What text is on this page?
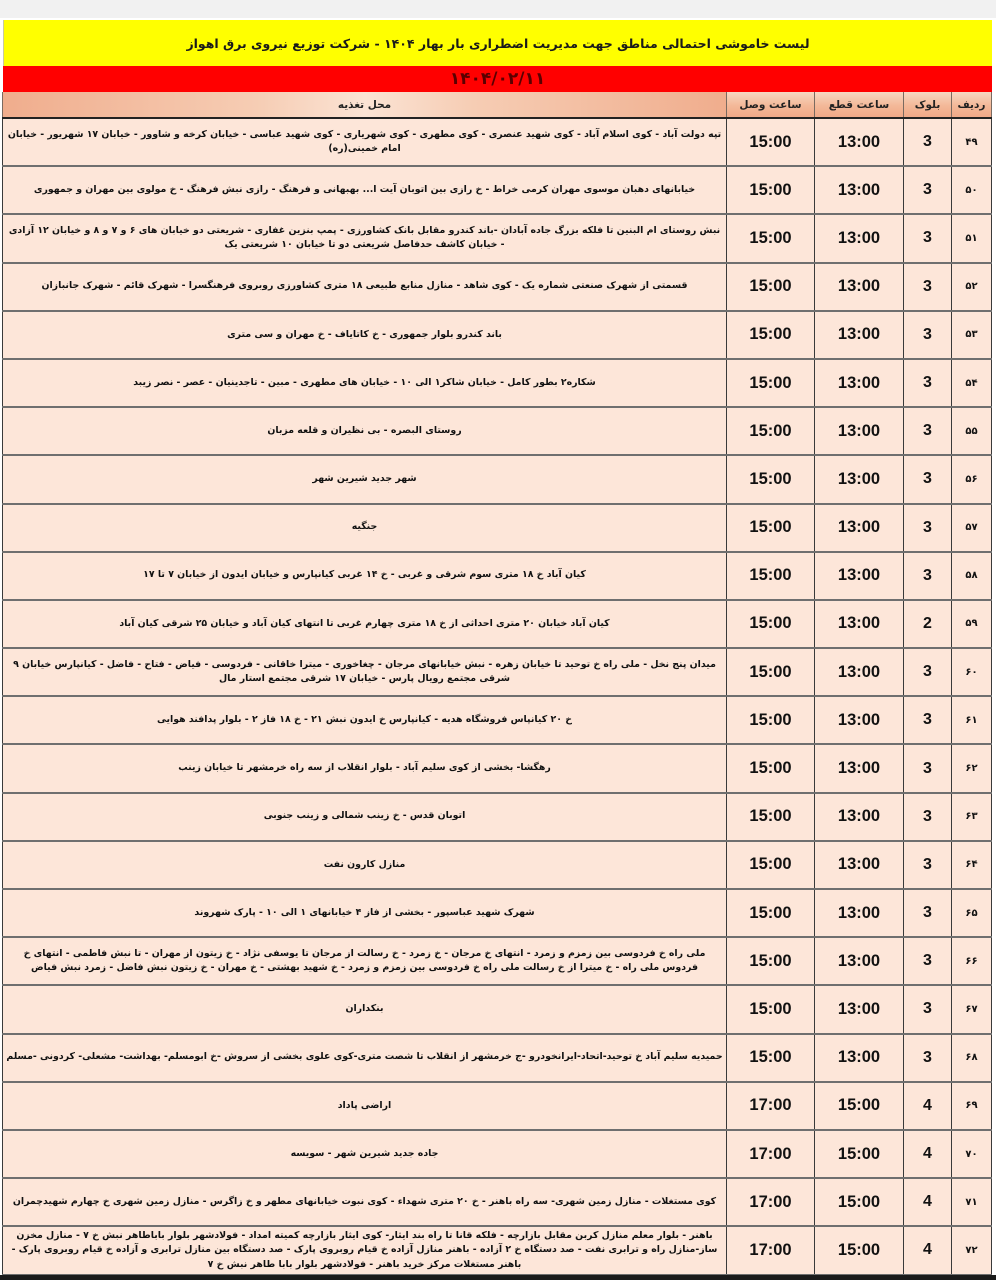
لیست خاموشی احتمالی مناطق جهت مدیریت اضطراری بار بهار ۱۴۰۴ - شرکت توزیع نیروی برق اهواز
۱۴۰۴/۰۲/۱۱
ردیف	بلوک	ساعت قطع	ساعت وصل	محل تغذیه
۴۹	3	13:00	15:00	تپه دولت آباد - کوی اسلام آباد - کوی شهید عنصری - کوی مطهری - کوی شهریاری - کوی شهید عباسی - خیابان کرخه و شاوور - خیابان ۱۷ شهریور - خیابان امام خمینی(ره)
۵۰	3	13:00	15:00	خیابانهای دهبان موسوی مهران کرمی خراط - خ رازی بین اتوبان آیت ا... بهبهانی و فرهنگ - رازی نبش فرهنگ - خ مولوی بین مهران و جمهوری
۵۱	3	13:00	15:00	نبش روستای ام البنین تا فلکه بزرگ جاده آبادان -باند کندرو مقابل بانک کشاورزی - پمپ بنزین غفاری - شریعتی دو خیابان های ۶ و ۷ و ۸ و خیابان ۱۲ آزادی - خیابان کاشف حدفاصل شریعتی دو تا خیابان ۱۰ شریعتی یک
۵۲	3	13:00	15:00	قسمتی از شهرک صنعتی شماره یک - کوی شاهد - منازل منابع طبیعی ۱۸ متری کشاورزی روبروی فرهنگسرا - شهرک قائم - شهرک جانبازان
۵۳	3	13:00	15:00	باند کندرو بلوار جمهوری - خ کاتایاف - خ مهران و سی متری
۵۴	3	13:00	15:00	شکاره۲ بطور کامل - خیابان شاکر۱ الی ۱۰ - خیابان های مطهری - مبین - تاجدینیان - عصر - نصر زیبد
۵۵	3	13:00	15:00	روستای البصره - بی نظیران و قلعه مزبان
۵۶	3	13:00	15:00	شهر جدید شیرین شهر
۵۷	3	13:00	15:00	جنگیه
۵۸	3	13:00	15:00	کیان آباد خ ۱۸ متری سوم شرقی و غربی - خ ۱۴ غربی کیانپارس و خیابان ایدون از خیابان ۷ تا ۱۷
۵۹	2	13:00	15:00	کیان آباد خیابان ۲۰ متری احداثی از خ ۱۸ متری چهارم غربی تا انتهای کیان آباد و خیابان ۲۵ شرقی کیان آباد
۶۰	3	13:00	15:00	میدان پنج نخل - ملی راه خ توحید تا خیابان زهره - نبش خیابانهای مرجان - چغاخوری - میترا خاقانی - فردوسی - فیاض - فتاح - فاضل - کیانپارس خیابان ۹ شرقی مجتمع رویال پارس - خیابان ۱۷ شرقی مجتمع استار مال
۶۱	3	13:00	15:00	خ ۲۰ کیانپاس فروشگاه هدیه - کیانپارس خ ایدون نبش ۲۱ - خ ۱۸ فاز ۲ - بلوار پدافند هوایی
۶۲	3	13:00	15:00	رهگشا- بخشی از کوی سلیم آباد - بلوار انقلاب از سه راه خرمشهر تا خیابان زینب
۶۳	3	13:00	15:00	اتوبان قدس - خ زینب شمالی و زینب جنوبی
۶۴	3	13:00	15:00	منازل کارون نفت
۶۵	3	13:00	15:00	شهرک شهید عباسپور - بخشی از فاز ۴ خیابانهای ۱ الی ۱۰ - پارک شهروند
۶۶	3	13:00	15:00	ملی راه خ فردوسی بین زمزم و زمرد - انتهای خ مرجان - خ زمرد - خ رسالت از مرجان تا یوسفی نژاد - خ زیتون از مهران - تا نبش فاطمی - انتهای خ فردوس ملی راه - خ میترا از خ رسالت ملی راه خ فردوسی بین زمزم و زمرد - خ شهید بهشتی - خ مهران - خ زیتون نبش فاضل - زمرد نبش فیاض
۶۷	3	13:00	15:00	بنکداران
۶۸	3	13:00	15:00	حمیدیه سلیم آباد خ توحید-اتحاد-ایرانخودرو -ج خرمشهر از انقلاب تا شصت متری-کوی علوی بخشی از سروش -خ ابومسلم- بهداشت- مشعلی- کردونی -مسلم
۶۹	4	15:00	17:00	اراضی پاداد
۷۰	4	15:00	17:00	جاده جدید شیرین شهر - سویسه
۷۱	4	15:00	17:00	کوی مستغلات - منازل زمین شهری- سه راه باهنر - خ ۲۰ متری شهداء - کوی نبوت خیابانهای مطهر و خ زاگرس - منازل زمین شهری خ چهارم شهیدچمران
۷۲	4	15:00	17:00	باهنر - بلوار معلم منازل کربن مقابل بازارچه - فلکه قانا تا راه بند ایثار- کوی ایثار بازارچه کمیته امداد - فولادشهر بلوار باباطاهر نبش خ ۷ - منازل مخزن ساز-منازل راه و ترابری نفت - صد دستگاه خ ۲ آزاده - باهنر منازل آزاده خ قیام روبروی پارک - صد دستگاه بین منازل ترابری و آزاده خ قیام روبروی پارک - باهنر مستغلات مرکز خرید باهنر - فولادشهر بلوار بابا طاهر نبش خ ۷
